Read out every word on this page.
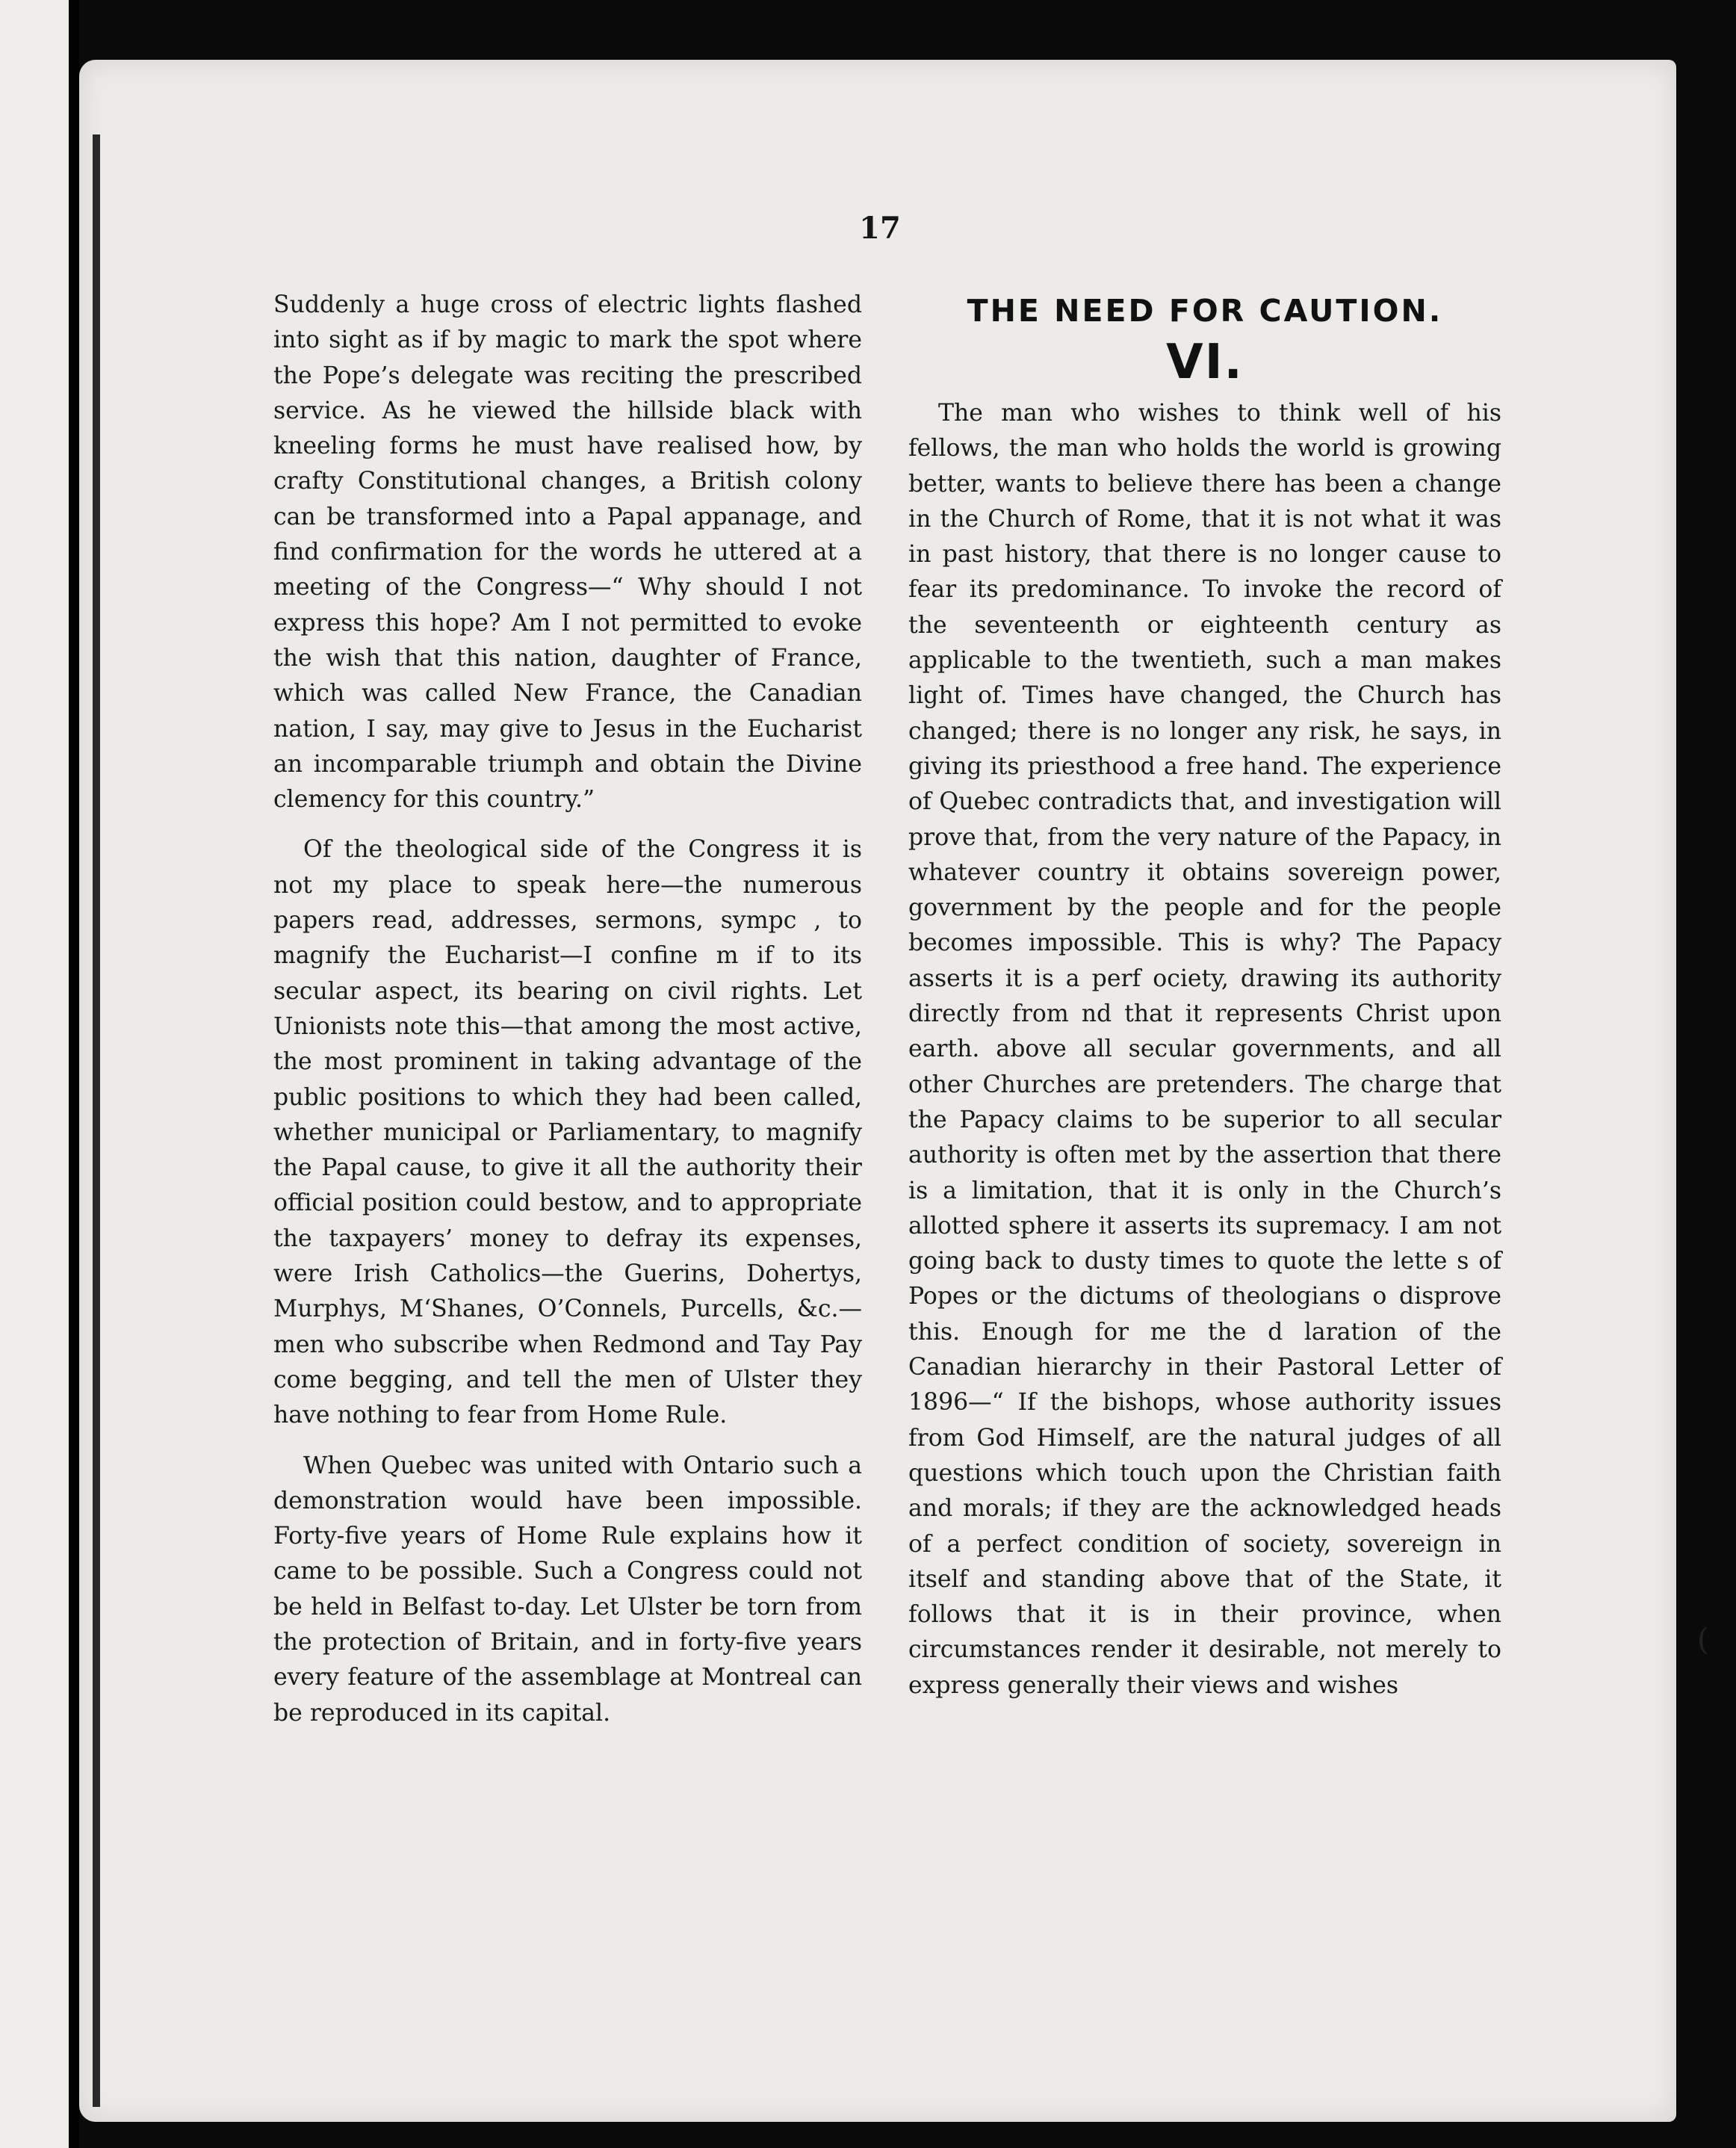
17

Suddenly a huge cross of electric lights flashed into sight as if by magic to mark the spot where the Pope’s delegate was reciting the prescribed service. As he viewed the hillside black with kneeling forms he must have realised how, by crafty Constitutional changes, a British colony can be transformed into a Papal appanage, and find confirmation for the words he uttered at a meeting of the Congress—“ Why should I not express this hope? Am I not permitted to evoke the wish that this nation, daughter of France, which was called New France, the Canadian nation, I say, may give to Jesus in the Eucharist an incomparable triumph and obtain the Divine clemency for this country.”

Of the theological side of the Congress it is not my place to speak here—the numerous papers read, addresses, sermons, sympc , to magnify the Eucharist—I confine m if to its secular aspect, its bearing on civil rights. Let Unionists note this—that among the most active, the most prominent in taking advantage of the public positions to which they had been called, whether municipal or Parliamentary, to magnify the Papal cause, to give it all the authority their official position could bestow, and to appropriate the taxpayers’ money to defray its expenses, were Irish Catholics—the Guerins, Dohertys, Murphys, M‘Shanes, O’Connels, Purcells, &c.—men who subscribe when Redmond and Tay Pay come begging, and tell the men of Ulster they have nothing to fear from Home Rule.

When Quebec was united with Ontario such a demonstration would have been impossible. Forty-five years of Home Rule explains how it came to be possible. Such a Congress could not be held in Belfast to-day. Let Ulster be torn from the protection of Britain, and in forty-five years every feature of the assemblage at Montreal can be reproduced in its capital.

THE NEED FOR CAUTION.
VI.

The man who wishes to think well of his fellows, the man who holds the world is growing better, wants to believe there has been a change in the Church of Rome, that it is not what it was in past history, that there is no longer cause to fear its predominance. To invoke the record of the seventeenth or eighteenth century as applicable to the twentieth, such a man makes light of. Times have changed, the Church has changed; there is no longer any risk, he says, in giving its priesthood a free hand. The experience of Quebec contradicts that, and investigation will prove that, from the very nature of the Papacy, in whatever country it obtains sovereign power, government by the people and for the people becomes impossible. This is why? The Papacy asserts it is a perf ociety, drawing its authority directly from nd that it represents Christ upon earth. above all secular governments, and all other Churches are pretenders. The charge that the Papacy claims to be superior to all secular authority is often met by the assertion that there is a limitation, that it is only in the Church’s allotted sphere it asserts its supremacy. I am not going back to dusty times to quote the lette s of Popes or the dictums of theologians o disprove this. Enough for me the d laration of the Canadian hierarchy in their Pastoral Letter of 1896—“ If the bishops, whose authority issues from God Himself, are the natural judges of all questions which touch upon the Christian faith and morals; if they are the acknowledged heads of a perfect condition of society, sovereign in itself and standing above that of the State, it follows that it is in their province, when circumstances render it desirable, not merely to express generally their views and wishes

(
